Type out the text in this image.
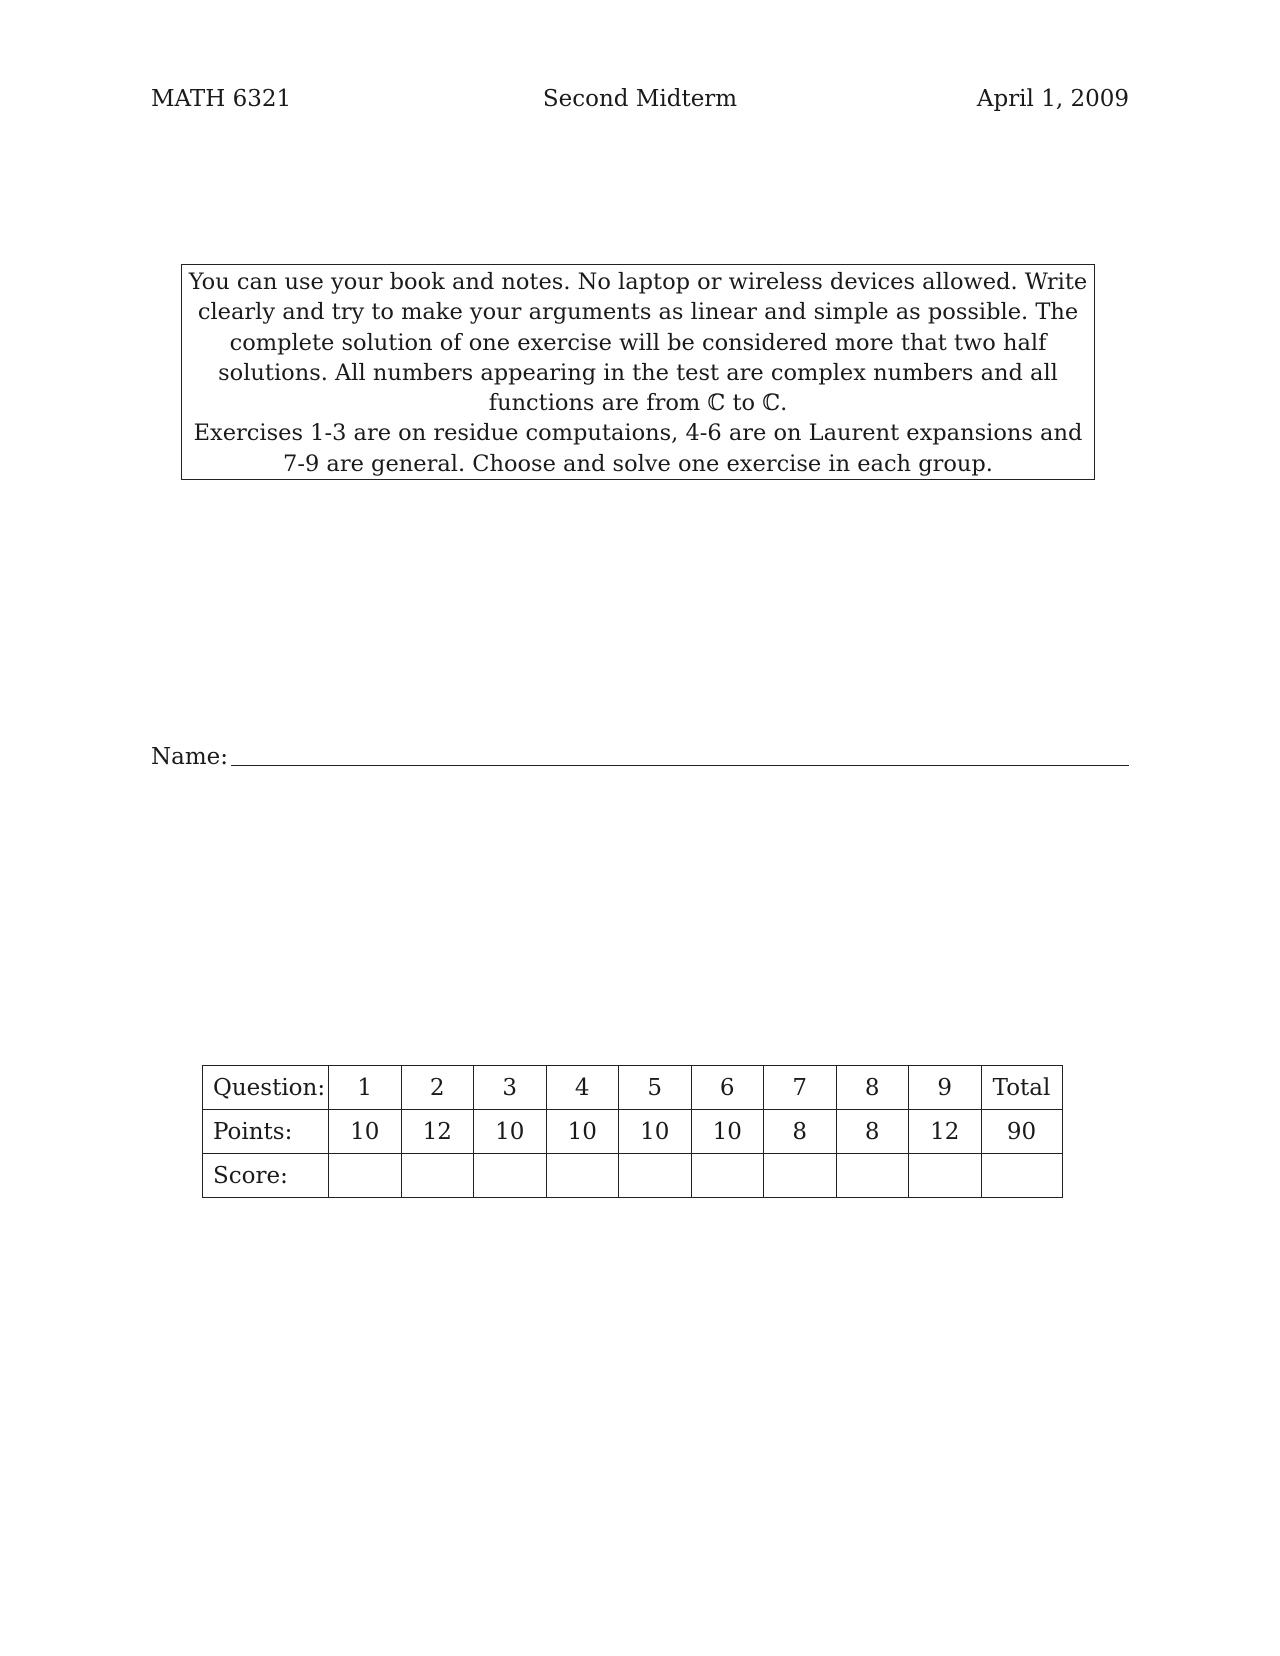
MATH 6321	Second Midterm	April 1, 2009

You can use your book and notes. No laptop or wireless devices allowed. Write clearly and try to make your arguments as linear and simple as possible. The complete solution of one exercise will be considered more that two half solutions. All numbers appearing in the test are complex numbers and all functions are from ℂ to ℂ.

Exercises 1-3 are on residue computaions, 4-6 are on Laurent expansions and 7-9 are general. Choose and solve one exercise in each group.

Name:
Question:	1	2	3	4	5	6	7	8	9	Total
Points:	10	12	10	10	10	10	8	8	12	90
Score:										
